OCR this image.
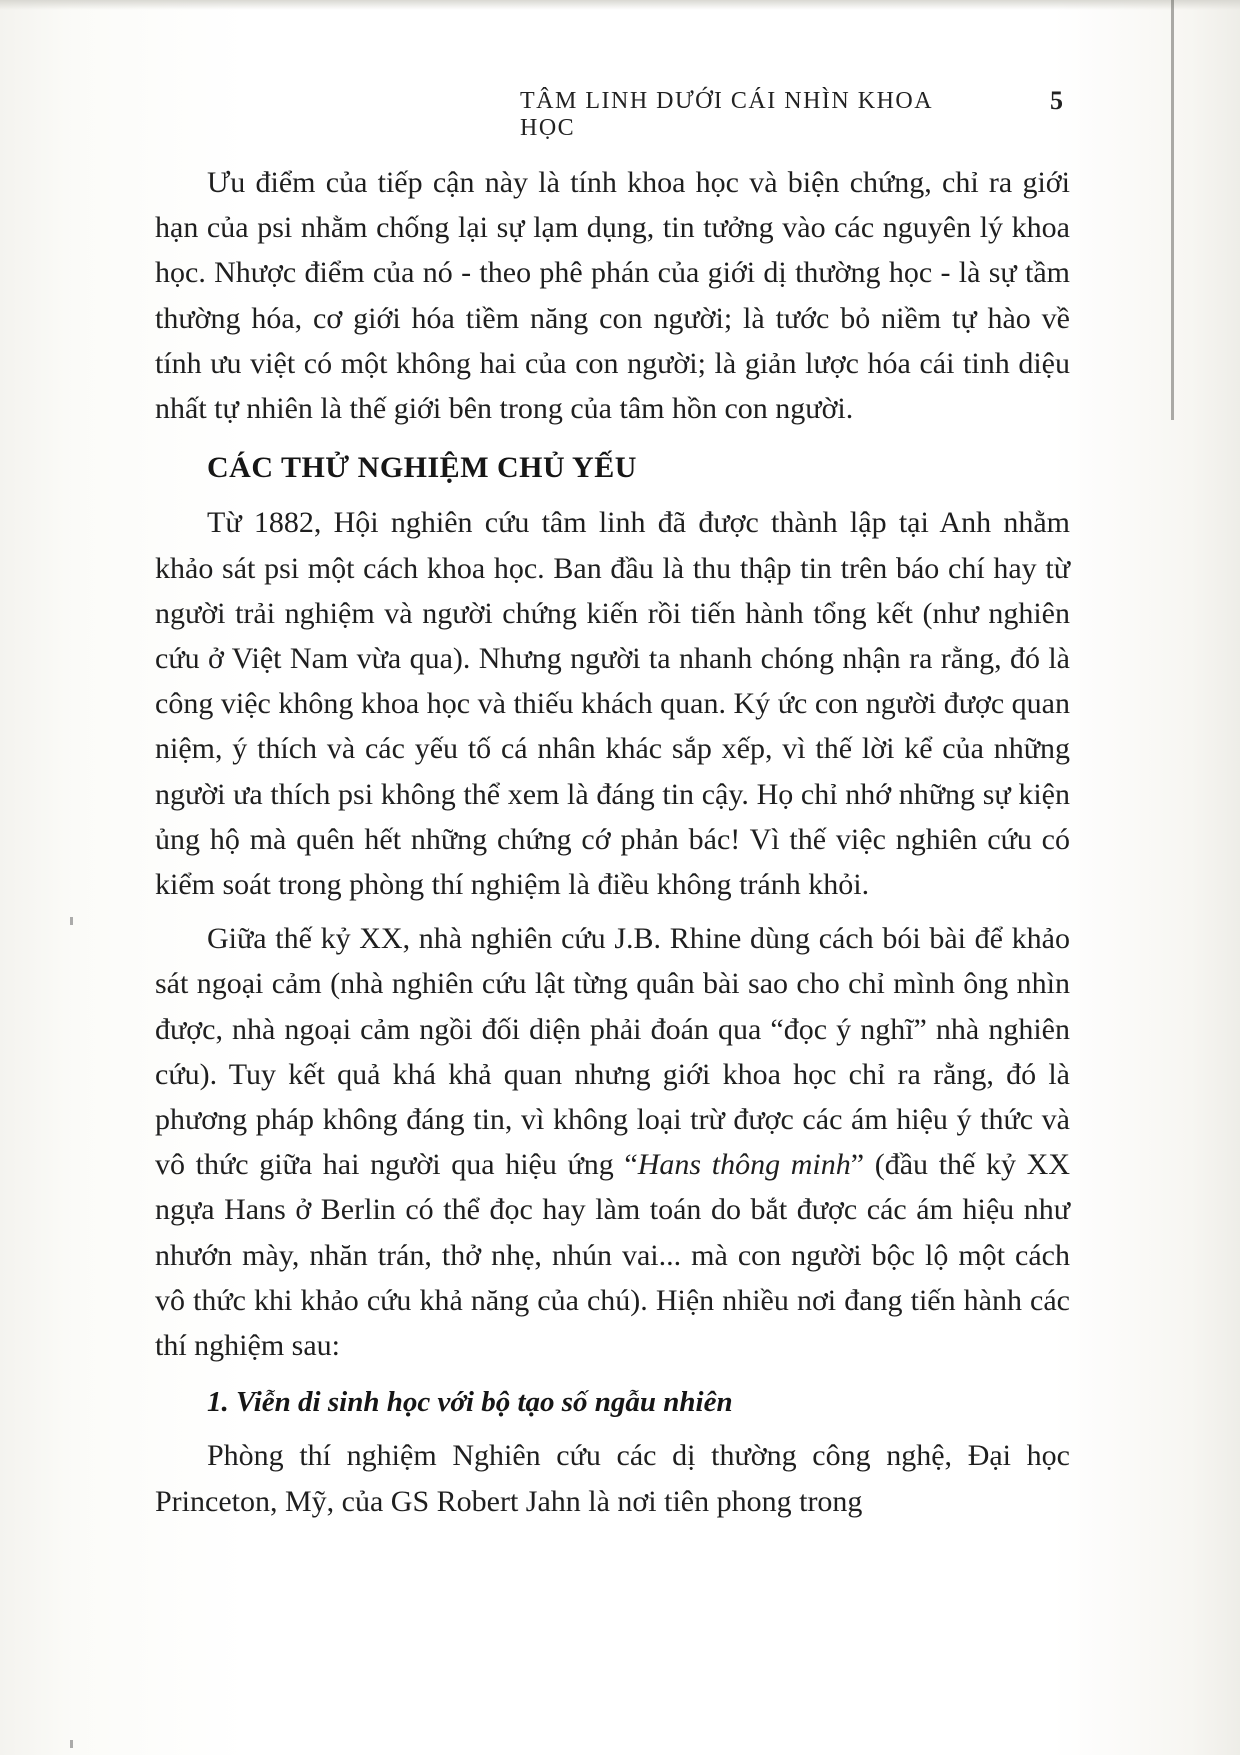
TÂM LINH DƯỚI CÁI NHÌN KHOA HỌC
5

Ưu điểm của tiếp cận này là tính khoa học và biện chứng, chỉ ra giới hạn của psi nhằm chống lại sự lạm dụng, tin tưởng vào các nguyên lý khoa học. Nhược điểm của nó - theo phê phán của giới dị thường học - là sự tầm thường hóa, cơ giới hóa tiềm năng con người; là tước bỏ niềm tự hào về tính ưu việt có một không hai của con người; là giản lược hóa cái tinh diệu nhất tự nhiên là thế giới bên trong của tâm hồn con người.

CÁC THỬ NGHIỆM CHỦ YẾU

Từ 1882, Hội nghiên cứu tâm linh đã được thành lập tại Anh nhằm khảo sát psi một cách khoa học. Ban đầu là thu thập tin trên báo chí hay từ người trải nghiệm và người chứng kiến rồi tiến hành tổng kết (như nghiên cứu ở Việt Nam vừa qua). Nhưng người ta nhanh chóng nhận ra rằng, đó là công việc không khoa học và thiếu khách quan. Ký ức con người được quan niệm, ý thích và các yếu tố cá nhân khác sắp xếp, vì thế lời kể của những người ưa thích psi không thể xem là đáng tin cậy. Họ chỉ nhớ những sự kiện ủng hộ mà quên hết những chứng cớ phản bác! Vì thế việc nghiên cứu có kiểm soát trong phòng thí nghiệm là điều không tránh khỏi.

Giữa thế kỷ XX, nhà nghiên cứu J.B. Rhine dùng cách bói bài để khảo sát ngoại cảm (nhà nghiên cứu lật từng quân bài sao cho chỉ mình ông nhìn được, nhà ngoại cảm ngồi đối diện phải đoán qua “đọc ý nghĩ” nhà nghiên cứu). Tuy kết quả khá khả quan nhưng giới khoa học chỉ ra rằng, đó là phương pháp không đáng tin, vì không loại trừ được các ám hiệu ý thức và vô thức giữa hai người qua hiệu ứng “Hans thông minh” (đầu thế kỷ XX ngựa Hans ở Berlin có thể đọc hay làm toán do bắt được các ám hiệu như nhướn mày, nhăn trán, thở nhẹ, nhún vai... mà con người bộc lộ một cách vô thức khi khảo cứu khả năng của chú). Hiện nhiều nơi đang tiến hành các thí nghiệm sau:

1. Viễn di sinh học với bộ tạo số ngẫu nhiên

Phòng thí nghiệm Nghiên cứu các dị thường công nghệ, Đại học Princeton, Mỹ, của GS Robert Jahn là nơi tiên phong trong
